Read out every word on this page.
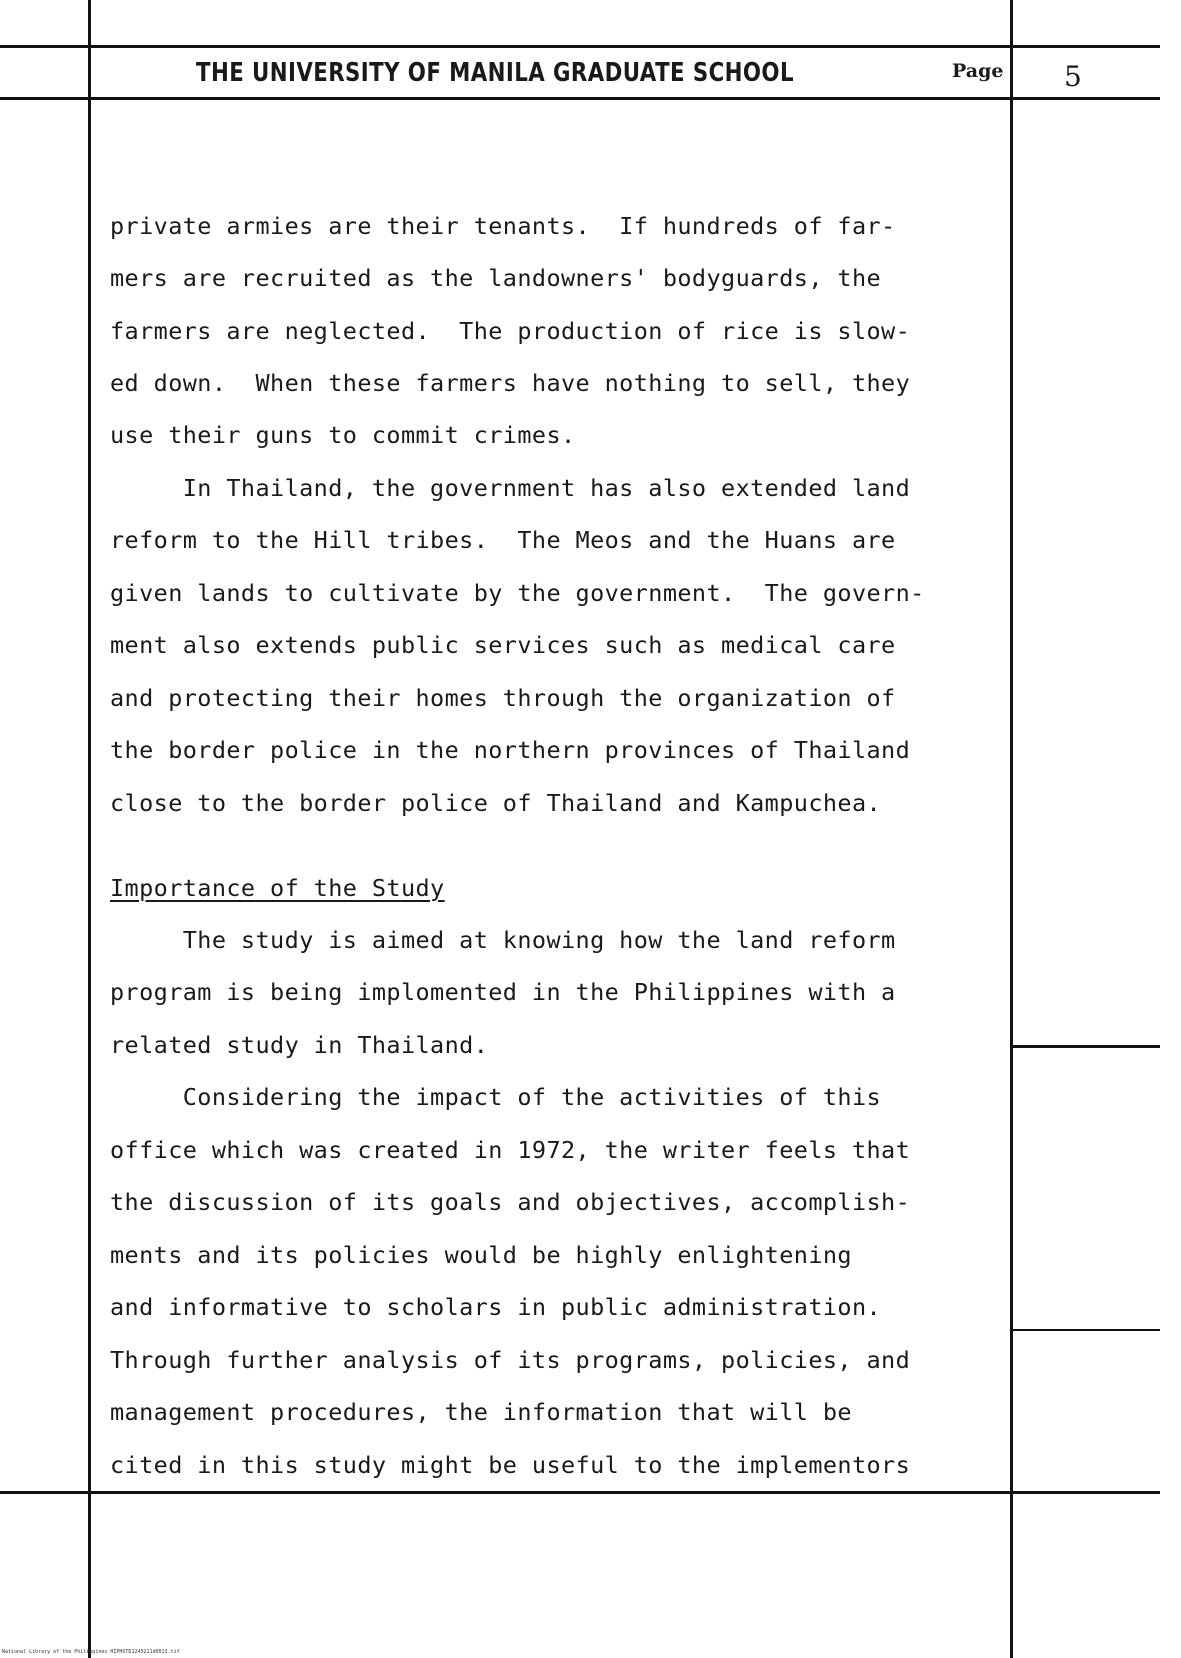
THE UNIVERSITY OF MANILA GRADUATE SCHOOL	Page 5
private armies are their tenants.  If hundreds of far-
mers are recruited as the landowners' bodyguards, the
farmers are neglected.  The production of rice is slow-
ed down.  When these farmers have nothing to sell, they
use their guns to commit crimes.
In Thailand, the government has also extended land
reform to the Hill tribes.  The Meos and the Huans are
given lands to cultivate by the government.  The govern-
ment also extends public services such as medical care
and protecting their homes through the organization of
the border police in the northern provinces of Thailand
close to the border police of Thailand and Kampuchea.
Importance of the Study
The study is aimed at knowing how the land reform
program is being implomented in the Philippines with a
related study in Thailand.
Considering the impact of the activities of this
office which was created in 1972, the writer feels that
the discussion of its goals and objectives, accomplish-
ments and its policies would be highly enlightening
and informative to scholars in public administration.
Through further analysis of its programs, policies, and
management procedures, the information that will be
cited in this study might be useful to the implementors
National Library of the Philippines HIPHOTD1245211d0013.tif
